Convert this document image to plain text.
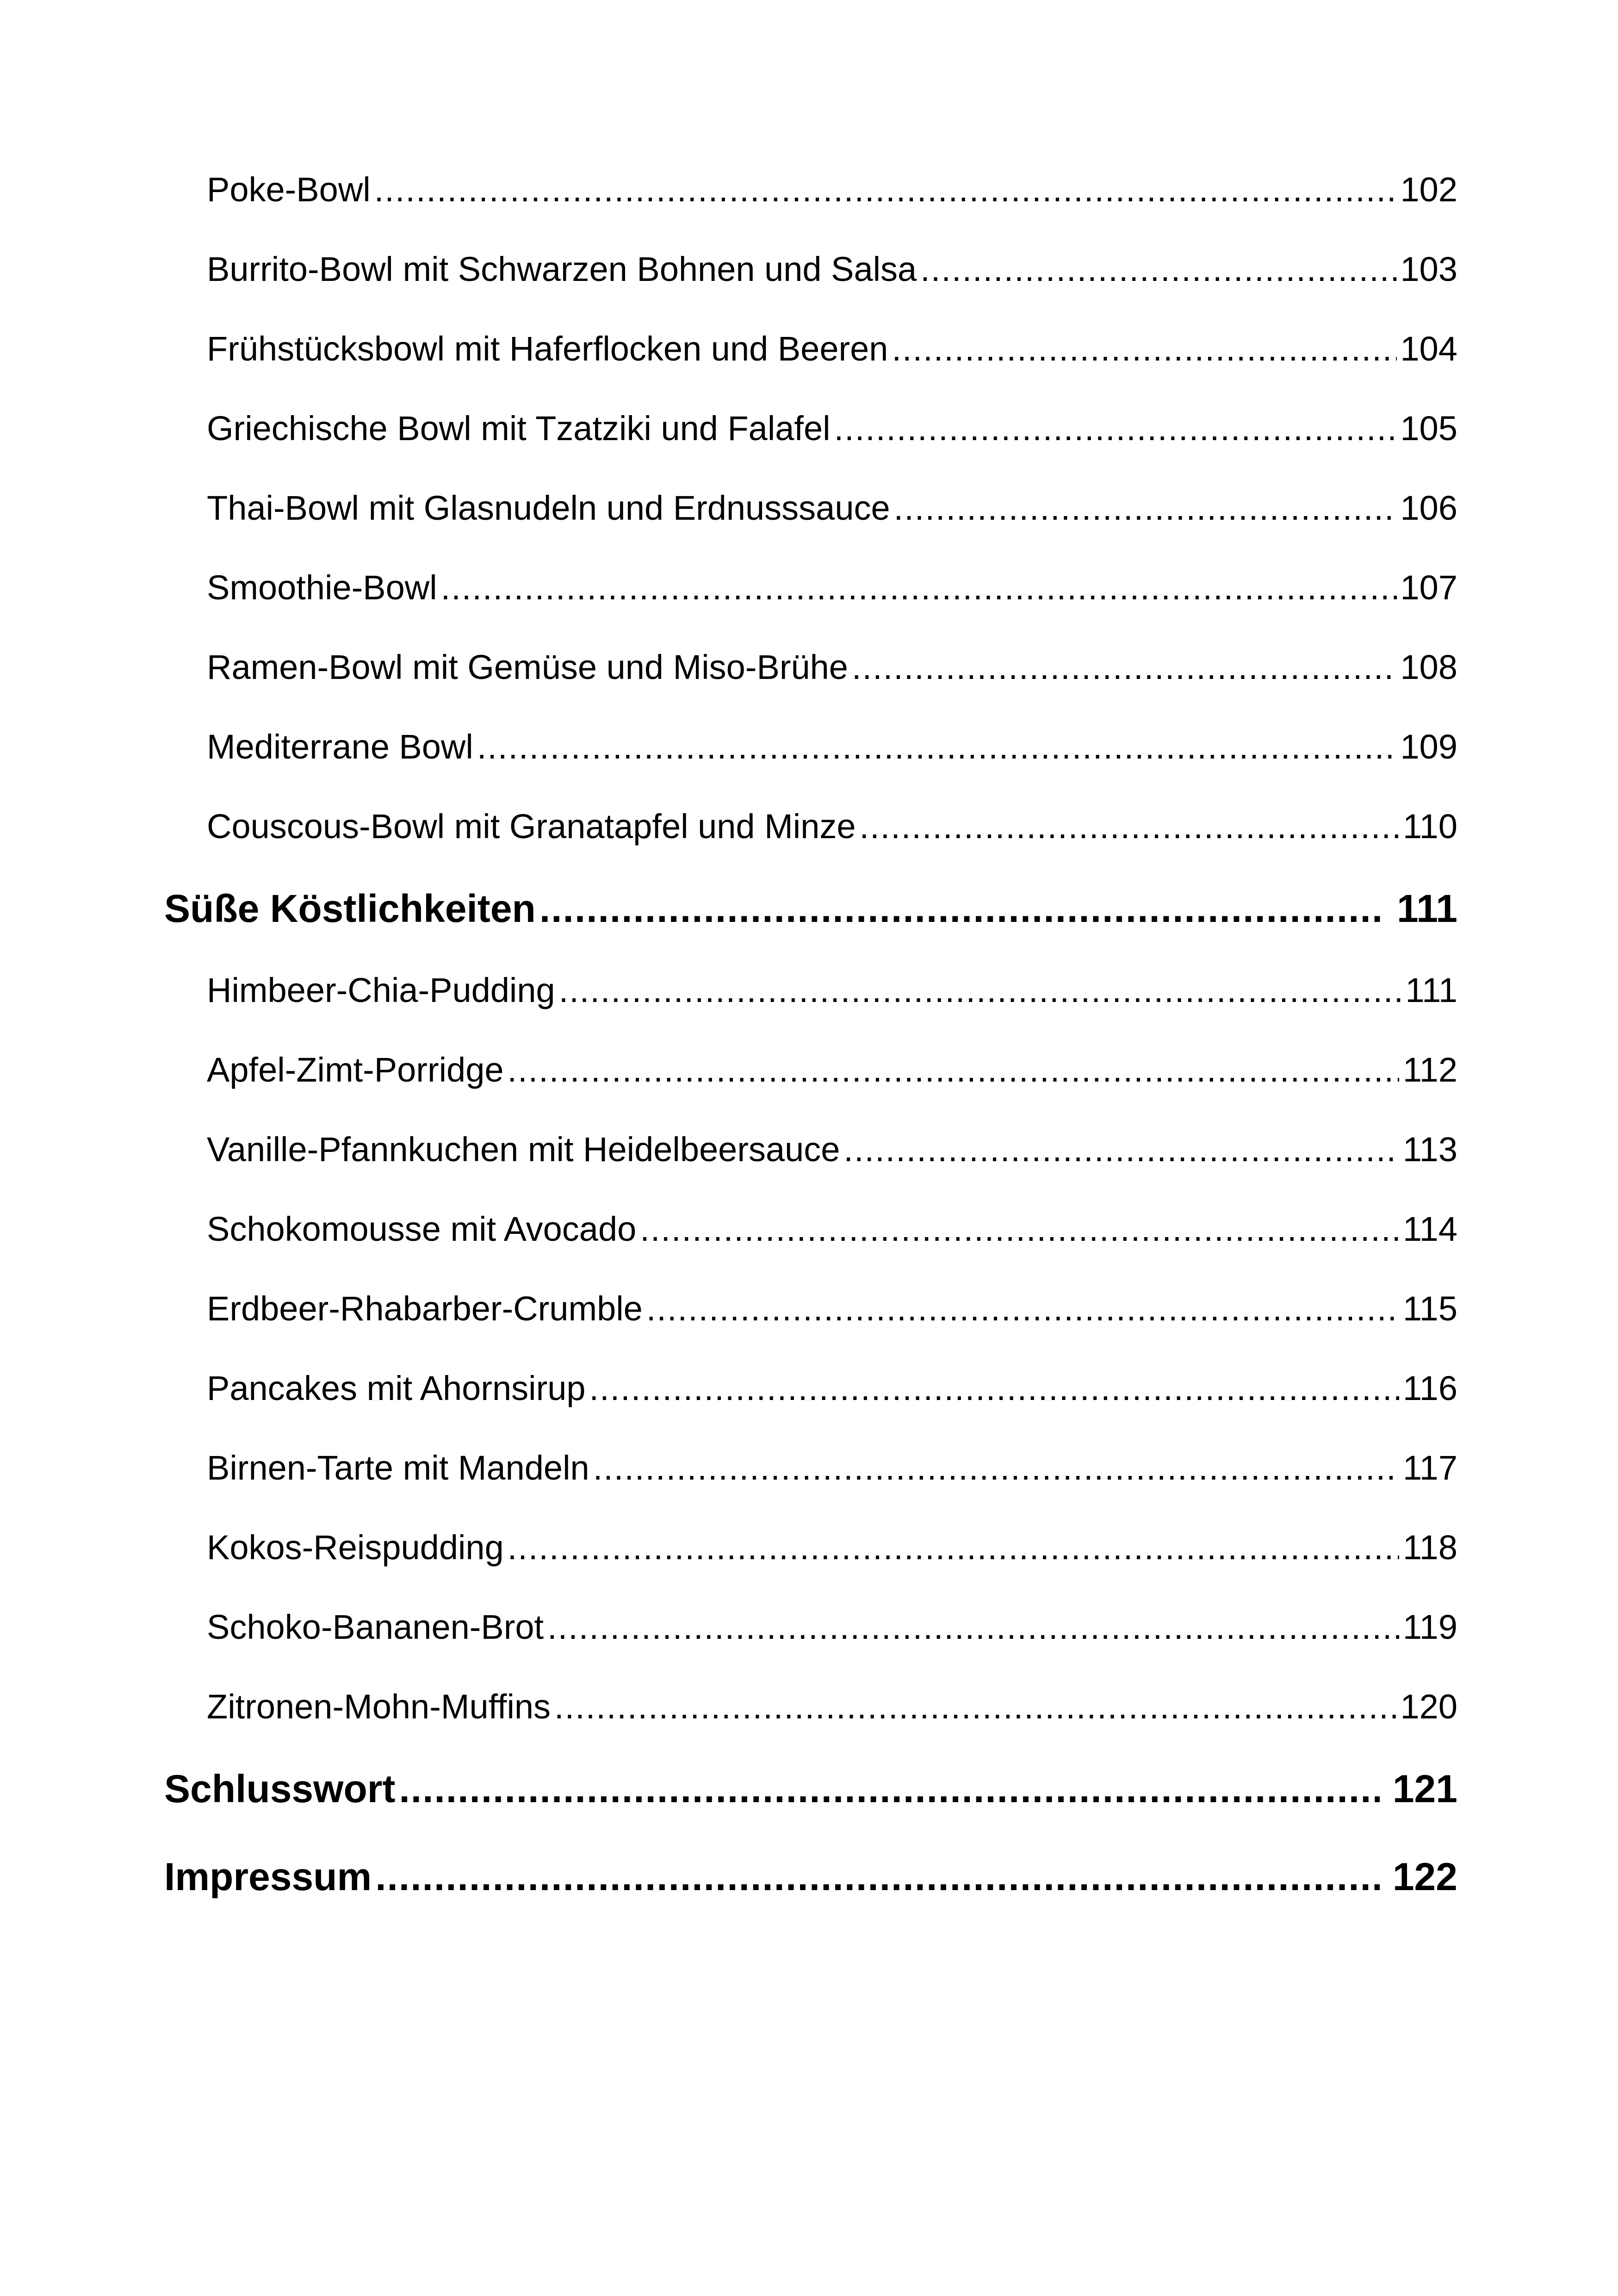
Poke-Bowl .....	102
Burrito-Bowl mit Schwarzen Bohnen und Salsa .....	103
Frühstücksbowl mit Haferflocken und Beeren .....	104
Griechische Bowl mit Tzatziki und Falafel .....	105
Thai-Bowl mit Glasnudeln und Erdnusssauce .....	106
Smoothie-Bowl .....	107
Ramen-Bowl mit Gemüse und Miso-Brühe .....	108
Mediterrane Bowl .....	109
Couscous-Bowl mit Granatapfel und Minze .....	110
Süße Köstlichkeiten .....	111
Himbeer-Chia-Pudding .....	111
Apfel-Zimt-Porridge .....	112
Vanille-Pfannkuchen mit Heidelbeersauce .....	113
Schokomousse mit Avocado .....	114
Erdbeer-Rhabarber-Crumble .....	115
Pancakes mit Ahornsirup .....	116
Birnen-Tarte mit Mandeln .....	117
Kokos-Reispudding .....	118
Schoko-Bananen-Brot .....	119
Zitronen-Mohn-Muffins .....	120
Schlusswort .....	121
Impressum .....	122
